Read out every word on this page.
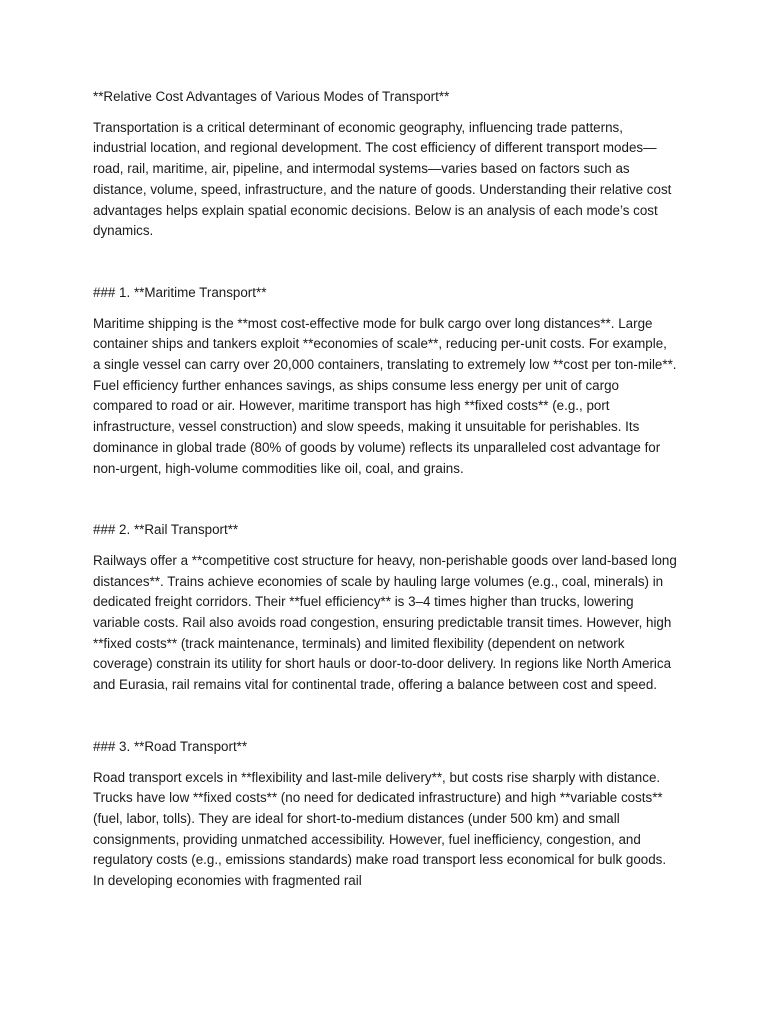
**Relative Cost Advantages of Various Modes of Transport**

Transportation is a critical determinant of economic geography, influencing trade patterns, industrial location, and regional development. The cost efficiency of different transport modes—road, rail, maritime, air, pipeline, and intermodal systems—varies based on factors such as distance, volume, speed, infrastructure, and the nature of goods. Understanding their relative cost advantages helps explain spatial economic decisions. Below is an analysis of each mode’s cost dynamics.

### 1. **Maritime Transport**

Maritime shipping is the **most cost-effective mode for bulk cargo over long distances**. Large container ships and tankers exploit **economies of scale**, reducing per-unit costs. For example, a single vessel can carry over 20,000 containers, translating to extremely low **cost per ton-mile**. Fuel efficiency further enhances savings, as ships consume less energy per unit of cargo compared to road or air. However, maritime transport has high **fixed costs** (e.g., port infrastructure, vessel construction) and slow speeds, making it unsuitable for perishables. Its dominance in global trade (80% of goods by volume) reflects its unparalleled cost advantage for non-urgent, high-volume commodities like oil, coal, and grains.

### 2. **Rail Transport**

Railways offer a **competitive cost structure for heavy, non-perishable goods over land-based long distances**. Trains achieve economies of scale by hauling large volumes (e.g., coal, minerals) in dedicated freight corridors. Their **fuel efficiency** is 3–4 times higher than trucks, lowering variable costs. Rail also avoids road congestion, ensuring predictable transit times. However, high **fixed costs** (track maintenance, terminals) and limited flexibility (dependent on network coverage) constrain its utility for short hauls or door-to-door delivery. In regions like North America and Eurasia, rail remains vital for continental trade, offering a balance between cost and speed.

### 3. **Road Transport**

Road transport excels in **flexibility and last-mile delivery**, but costs rise sharply with distance. Trucks have low **fixed costs** (no need for dedicated infrastructure) and high **variable costs** (fuel, labor, tolls). They are ideal for short-to-medium distances (under 500 km) and small consignments, providing unmatched accessibility. However, fuel inefficiency, congestion, and regulatory costs (e.g., emissions standards) make road transport less economical for bulk goods. In developing economies with fragmented rail
